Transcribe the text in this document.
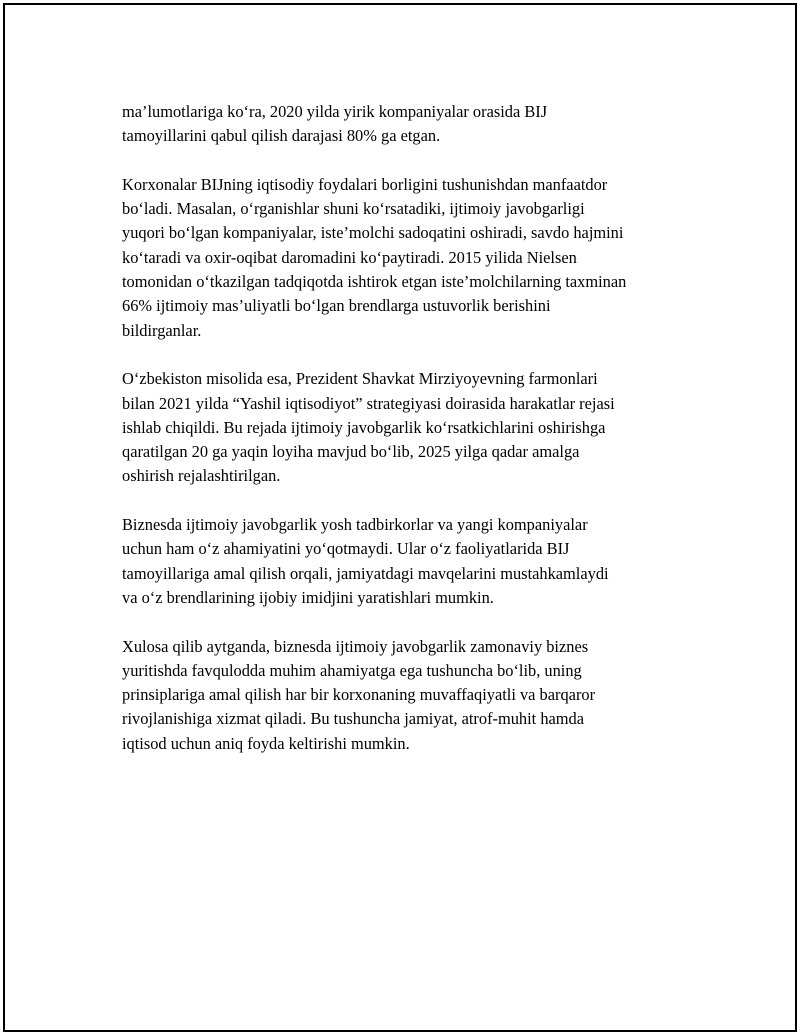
ma’lumotlariga ko‘ra, 2020 yilda yirik kompaniyalar orasida BIJ
tamoyillarini qabul qilish darajasi 80% ga etgan.

Korxonalar BIJning iqtisodiy foydalari borligini tushunishdan manfaatdor
bo‘ladi. Masalan, o‘rganishlar shuni ko‘rsatadiki, ijtimoiy javobgarligi
yuqori bo‘lgan kompaniyalar, iste’molchi sadoqatini oshiradi, savdo hajmini
ko‘taradi va oxir-oqibat daromadini ko‘paytiradi. 2015 yilida Nielsen
tomonidan o‘tkazilgan tadqiqotda ishtirok etgan iste’molchilarning taxminan
66% ijtimoiy mas’uliyatli bo‘lgan brendlarga ustuvorlik berishini
bildirganlar.

O‘zbekiston misolida esa, Prezident Shavkat Mirziyoyevning farmonlari
bilan 2021 yilda “Yashil iqtisodiyot” strategiyasi doirasida harakatlar rejasi
ishlab chiqildi. Bu rejada ijtimoiy javobgarlik ko‘rsatkichlarini oshirishga
qaratilgan 20 ga yaqin loyiha mavjud bo‘lib, 2025 yilga qadar amalga
oshirish rejalashtirilgan.

Biznesda ijtimoiy javobgarlik yosh tadbirkorlar va yangi kompaniyalar
uchun ham o‘z ahamiyatini yo‘qotmaydi. Ular o‘z faoliyatlarida BIJ
tamoyillariga amal qilish orqali, jamiyatdagi mavqelarini mustahkamlaydi
va o‘z brendlarining ijobiy imidjini yaratishlari mumkin.

Xulosa qilib aytganda, biznesda ijtimoiy javobgarlik zamonaviy biznes
yuritishda favqulodda muhim ahamiyatga ega tushuncha bo‘lib, uning
prinsiplariga amal qilish har bir korxonaning muvaffaqiyatli va barqaror
rivojlanishiga xizmat qiladi. Bu tushuncha jamiyat, atrof-muhit hamda
iqtisod uchun aniq foyda keltirishi mumkin.
